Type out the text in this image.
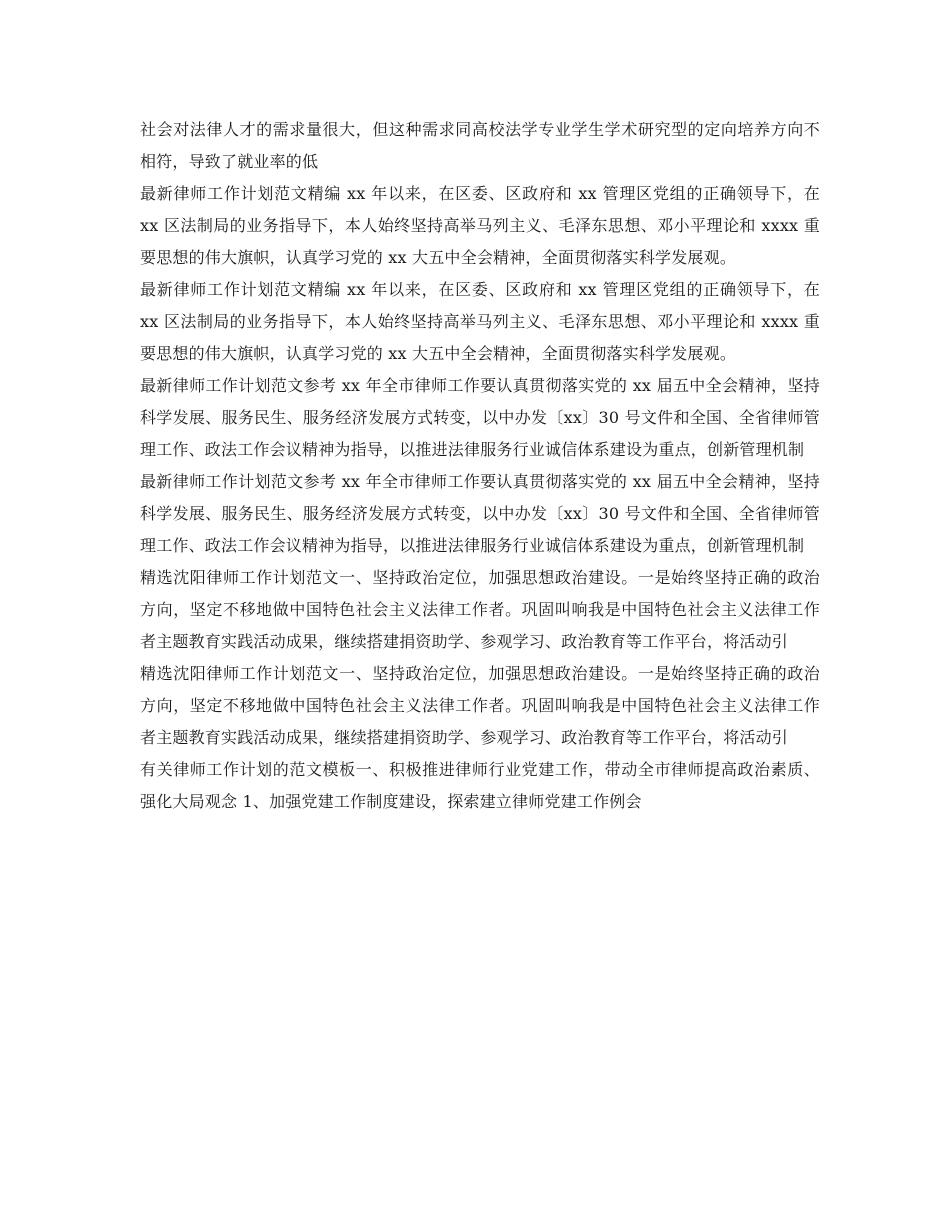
社会对法律人才的需求量很大，但这种需求同高校法学专业学生学术研究型的定向培养方向不相符，导致了就业率的低

最新律师工作计划范文精编 xx 年以来，在区委、区政府和 xx 管理区党组的正确领导下，在 xx 区法制局的业务指导下，本人始终坚持高举马列主义、毛泽东思想、邓小平理论和 xxxx 重要思想的伟大旗帜，认真学习党的 xx 大五中全会精神，全面贯彻落实科学发展观。

最新律师工作计划范文精编 xx 年以来，在区委、区政府和 xx 管理区党组的正确领导下，在 xx 区法制局的业务指导下，本人始终坚持高举马列主义、毛泽东思想、邓小平理论和 xxxx 重要思想的伟大旗帜，认真学习党的 xx 大五中全会精神，全面贯彻落实科学发展观。

最新律师工作计划范文参考 xx 年全市律师工作要认真贯彻落实党的 xx 届五中全会精神，坚持科学发展、服务民生、服务经济发展方式转变，以中办发〔xx〕30 号文件和全国、全省律师管理工作、政法工作会议精神为指导，以推进法律服务行业诚信体系建设为重点，创新管理机制

最新律师工作计划范文参考 xx 年全市律师工作要认真贯彻落实党的 xx 届五中全会精神，坚持科学发展、服务民生、服务经济发展方式转变，以中办发〔xx〕30 号文件和全国、全省律师管理工作、政法工作会议精神为指导，以推进法律服务行业诚信体系建设为重点，创新管理机制

精选沈阳律师工作计划范文一、坚持政治定位，加强思想政治建设。一是始终坚持正确的政治方向，坚定不移地做中国特色社会主义法律工作者。巩固叫响我是中国特色社会主义法律工作者主题教育实践活动成果，继续搭建捐资助学、参观学习、政治教育等工作平台，将活动引

精选沈阳律师工作计划范文一、坚持政治定位，加强思想政治建设。一是始终坚持正确的政治方向，坚定不移地做中国特色社会主义法律工作者。巩固叫响我是中国特色社会主义法律工作者主题教育实践活动成果，继续搭建捐资助学、参观学习、政治教育等工作平台，将活动引

有关律师工作计划的范文模板一、积极推进律师行业党建工作，带动全市律师提高政治素质、强化大局观念 1、加强党建工作制度建设，探索建立律师党建工作例会
